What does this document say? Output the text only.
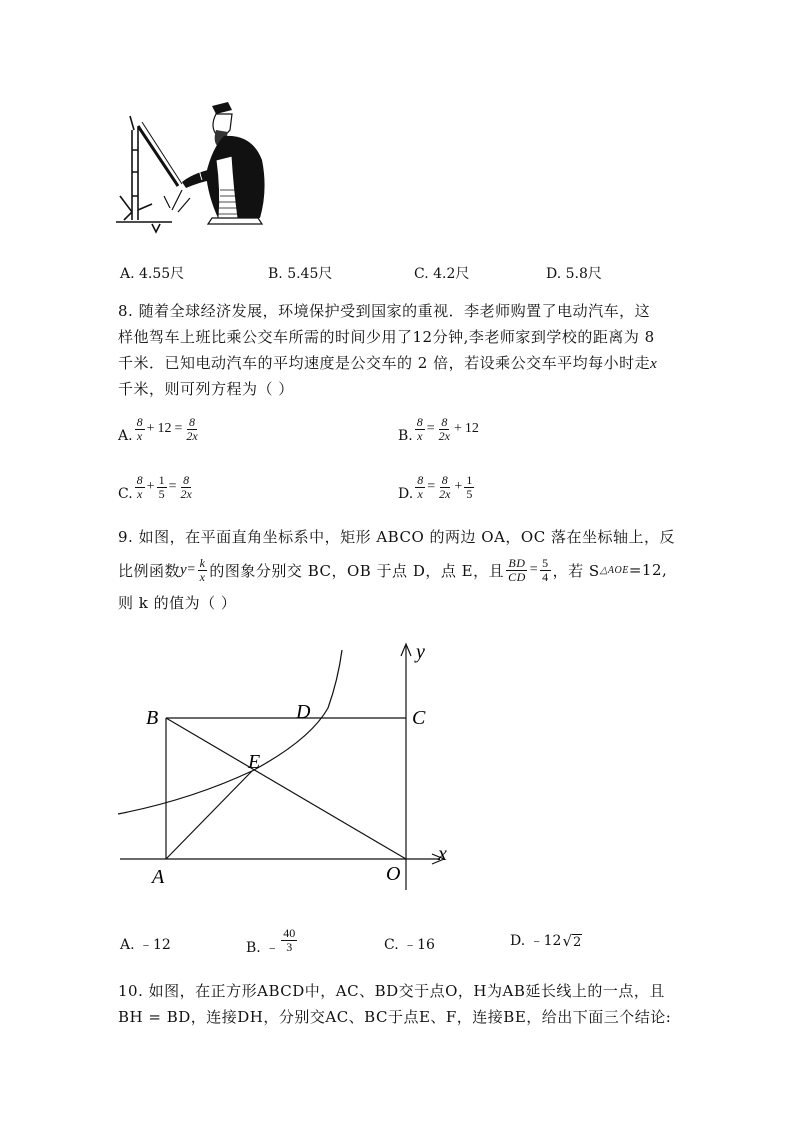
A. 4.55尺	B. 5.45尺	C. 4.2尺	D. 5.8尺
8. 随着全球经济发展，环境保护受到国家的重视．李老师购置了电动汽车，这
样他驾车上班比乘公交车所需的时间少用了12分钟,李老师家到学校的距离为 8
千米．已知电动汽车的平均速度是公交车的 2 倍，若设乘公交车平均每小时走x
千米，则可列方程为（ ）
A. $\frac{8}{x} + 12 = \frac{8}{2x}$	B. $\frac{8}{x} = \frac{8}{2x} + 12$
C. $\frac{8}{x} + \frac{1}{5} = \frac{8}{2x}$	D. $\frac{8}{x} = \frac{8}{2x} + \frac{1}{5}$
9. 如图，在平面直角坐标系中，矩形 ABCO 的两边 OA，OC 落在坐标轴上，反
比例函数 $y = \frac{k}{x}$ 的图象分别交 BC，OB 于点 D，点 E，且 $\frac{BD}{CD} = \frac{5}{4}$ ，若 S △AOE =12,
则 k 的值为（ ）
B	D	C
E
A	O
x
y
A. ﹣12	B. ﹣ $\frac{40}{3}$	C. ﹣16	D. ﹣12 √ 2
10. 如图，在正方形ABCD中，AC、BD交于点O，H为AB延长线上的一点，且
BH = BD，连接DH，分别交AC、BC于点E、F，连接BE，给出下面三个结论:
